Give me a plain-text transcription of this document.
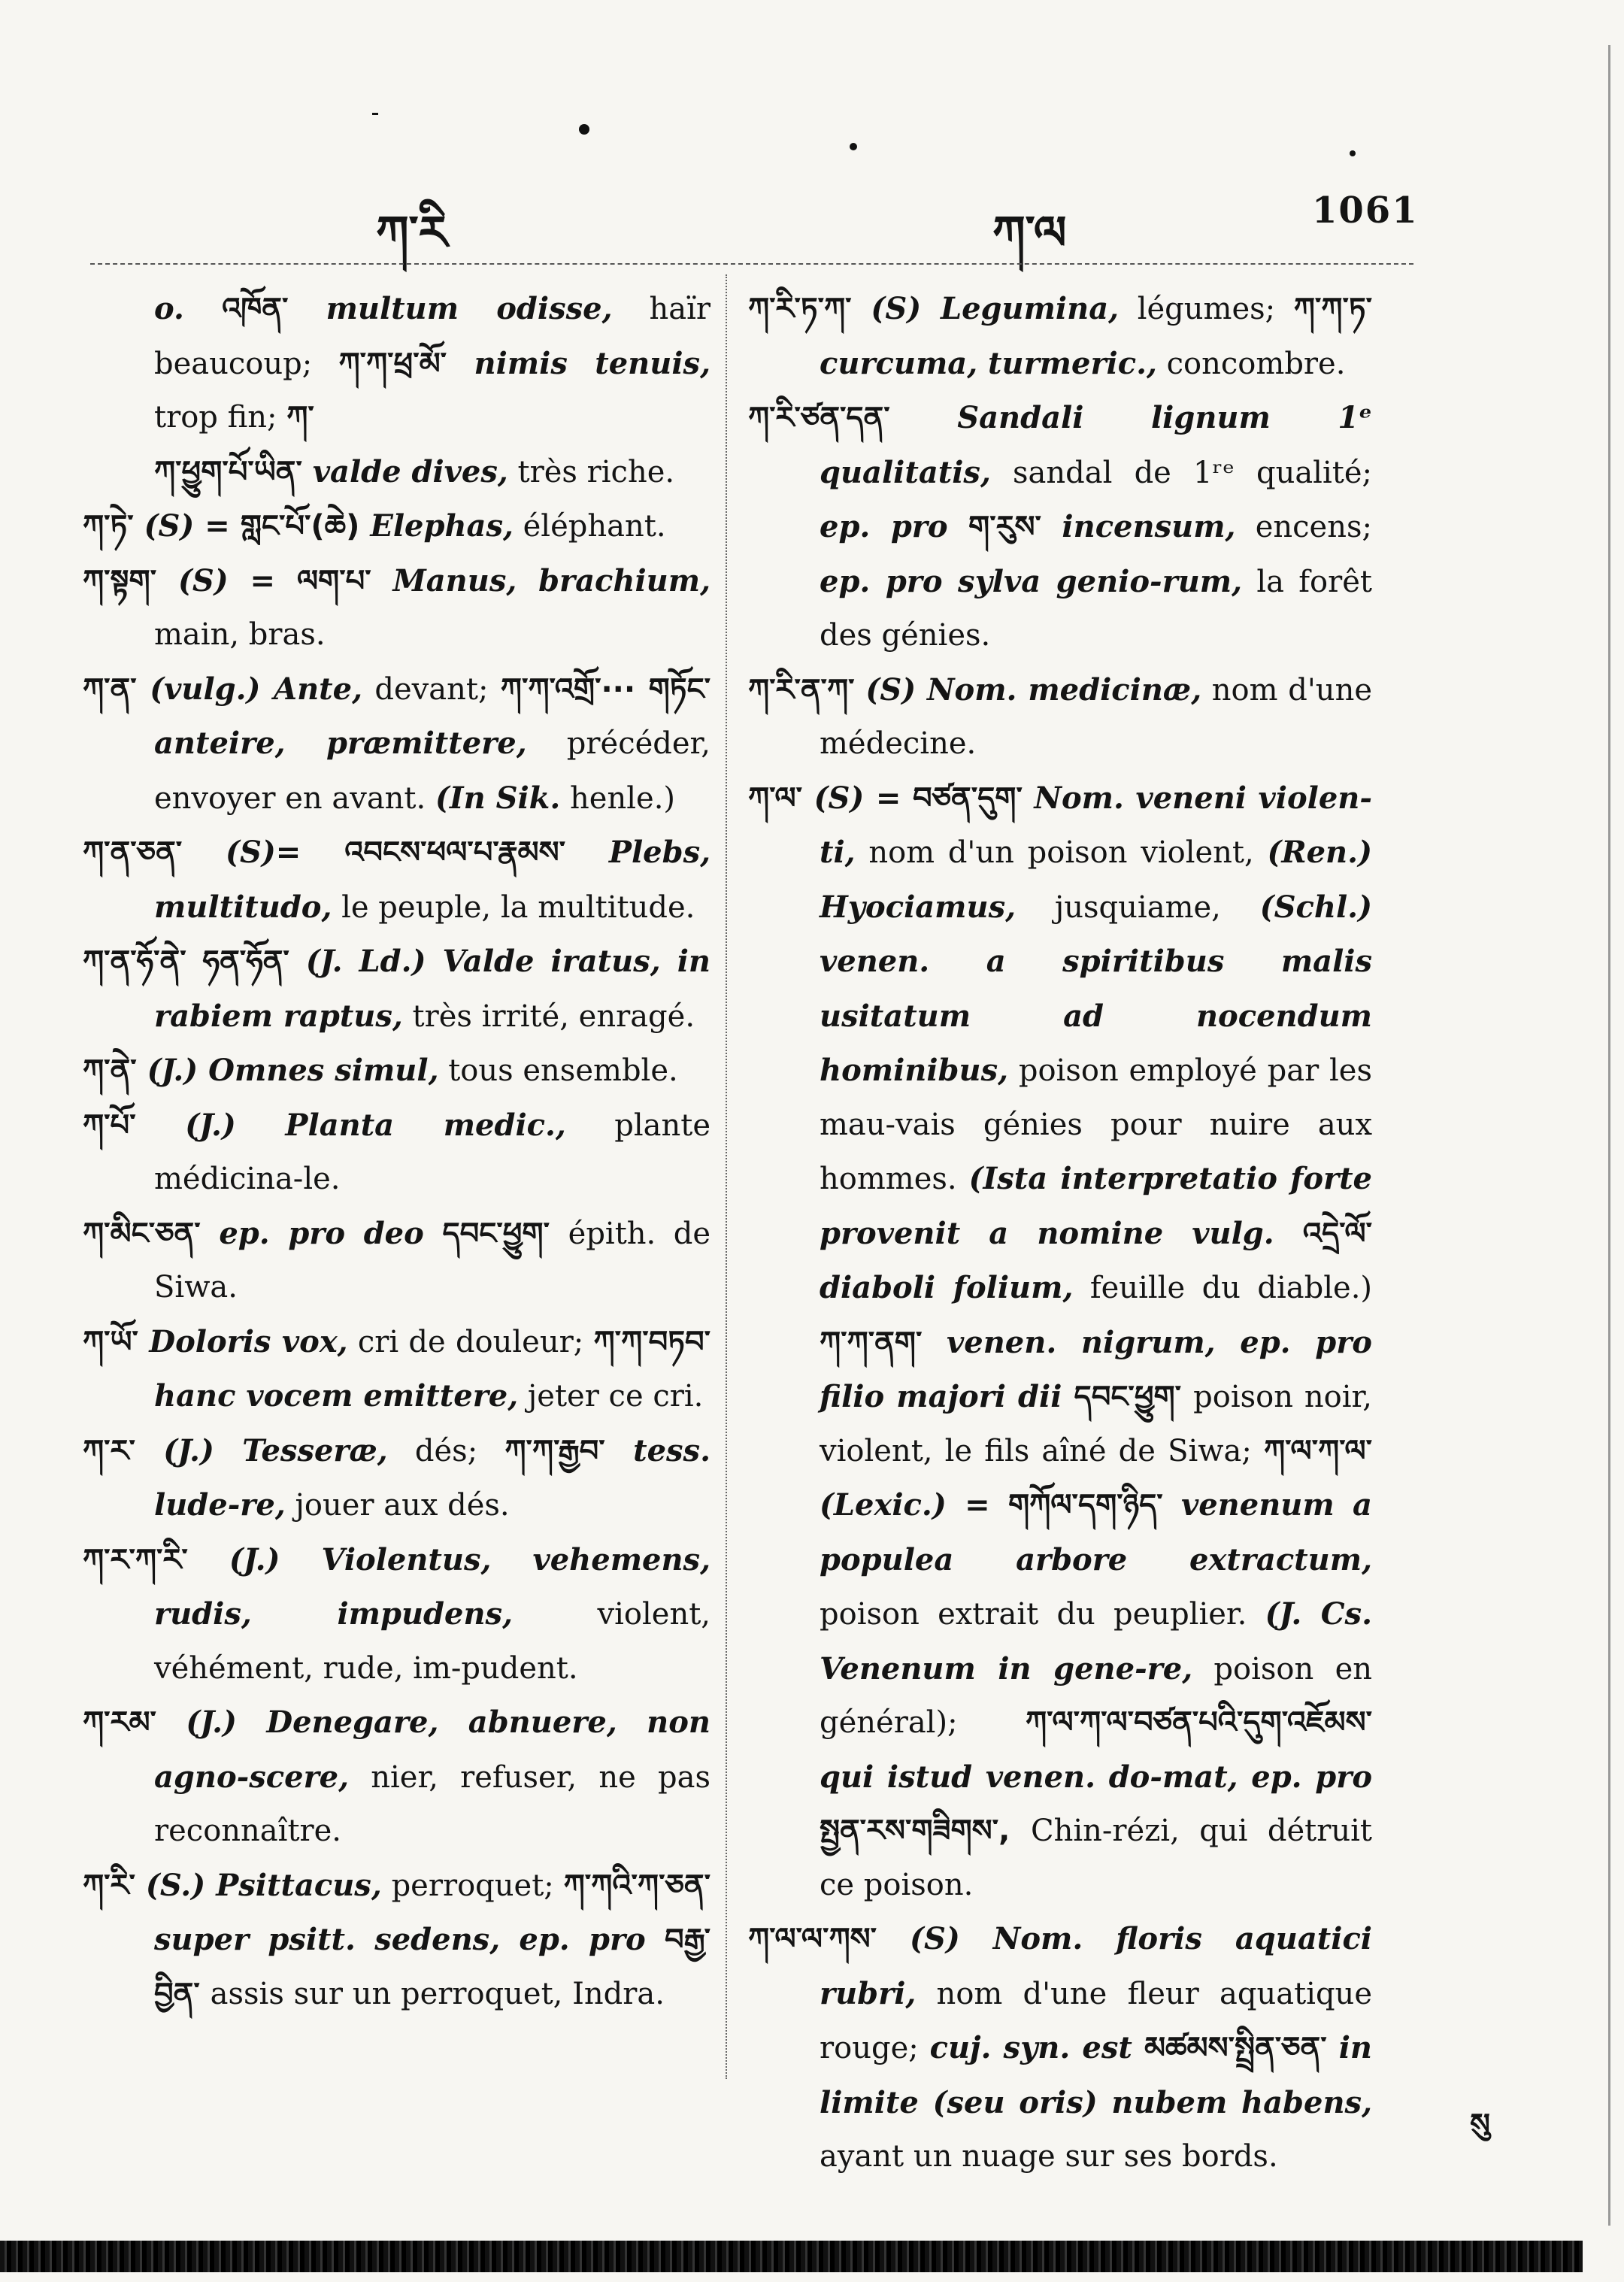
ཀ་རི	ཀ་ལ	1061

o. འཁོན་ multum odisse, haïr beaucoup; ཀ་ཀ་ཕྲ་མོ་ nimis tenuis, trop fin; ཀ་

ཀ་ཕྱུག་པོ་ཡིན་ valde dives, très riche.

ཀ་ཏེ་ (S) = གླང་པོ་(ཆེ) Elephas, éléphant.

ཀ་སྟག་ (S) = ལག་པ་ Manus, brachium, main, bras.

ཀ་ན་ (vulg.) Ante, devant; ཀ་ཀ་འགྲོ་··· གཏོང་ anteire, præmittere, précéder, envoyer en avant. (In Sik. henle.)

ཀ་ན་ཅན་ (S)= འབངས་ཕལ་པ་རྣམས་ Plebs, multitudo, le peuple, la multitude.

ཀ་ན་ཧོ་ནེ་ ཧན་ཧོན་ (J. Ld.) Valde iratus, in rabiem raptus, très irrité, enragé.

ཀ་ནེ་ (J.) Omnes simul, tous ensemble.

ཀ་པོ་ (J.) Planta medic., plante médicina-le.

ཀ་མིང་ཅན་ ep. pro deo དབང་ཕྱུག་ épith. de Siwa.

ཀ་ཡོ་ Doloris vox, cri de douleur; ཀ་ཀ་བཏབ་ hanc vocem emittere, jeter ce cri.

ཀ་ར་ (J.) Tesseræ, dés; ཀ་ཀ་རྒྱབ་ tess. lude-re, jouer aux dés.

ཀ་ར་ཀ་རི་ (J.) Violentus, vehemens, rudis, impudens, violent, véhément, rude, im-pudent.

ཀ་རམ་ (J.) Denegare, abnuere, non agno-scere, nier, refuser, ne pas reconnaître.

ཀ་རི་ (S.) Psittacus, perroquet; ཀ་ཀའི་ཀ་ཅན་ super psitt. sedens, ep. pro བརྒྱ་བྱིན་ assis sur un perroquet, Indra.

ཀ་རི་ཏ་ཀ་ (S) Legumina, légumes; ཀ་ཀ་ཏ་ curcuma, turmeric., concombre.

ཀ་རི་ཙན་དན་ Sandali lignum 1ᵉ qualitatis, sandal de 1ʳᵉ qualité; ep. pro ག་རུས་ incensum, encens; ep. pro sylva genio-rum, la forêt des génies.

ཀ་རི་ན་ཀ་ (S) Nom. medicinæ, nom d'une médecine.

ཀ་ལ་ (S) = བཙན་དུག་ Nom. veneni violen-ti, nom d'un poison violent, (Ren.) Hyociamus, jusquiame, (Schl.) venen. a spiritibus malis usitatum ad nocendum hominibus, poison employé par les mau-vais génies pour nuire aux hommes. (Ista interpretatio forte provenit a nomine vulg. འདྲེ་ལོ་ diaboli folium, feuille du diable.) ཀ་ཀ་ནག་ venen. nigrum, ep. pro filio majori dii དབང་ཕྱུག་ poison noir, violent, le fils aîné de Siwa; ཀ་ལ་ཀ་ལ་ (Lexic.) = གཀོལ་དག་ཉིད་ venenum a populea arbore extractum, poison extrait du peuplier. (J. Cs. Venenum in gene-re, poison en général); ཀ་ལ་ཀ་ལ་བཙན་པའི་དུག་འཇོམས་ qui istud venen. do-mat, ep. pro སྤྱན་རས་གཟིགས་, Chin-rézi, qui détruit ce poison.

ཀ་ལ་ལ་ཀས་ (S) Nom. floris aquatici rubri, nom d'une fleur aquatique rouge; cuj. syn. est མཚམས་སྤྲིན་ཅན་ in limite (seu oris) nubem habens, ayant un nuage sur ses bords.

སུ
